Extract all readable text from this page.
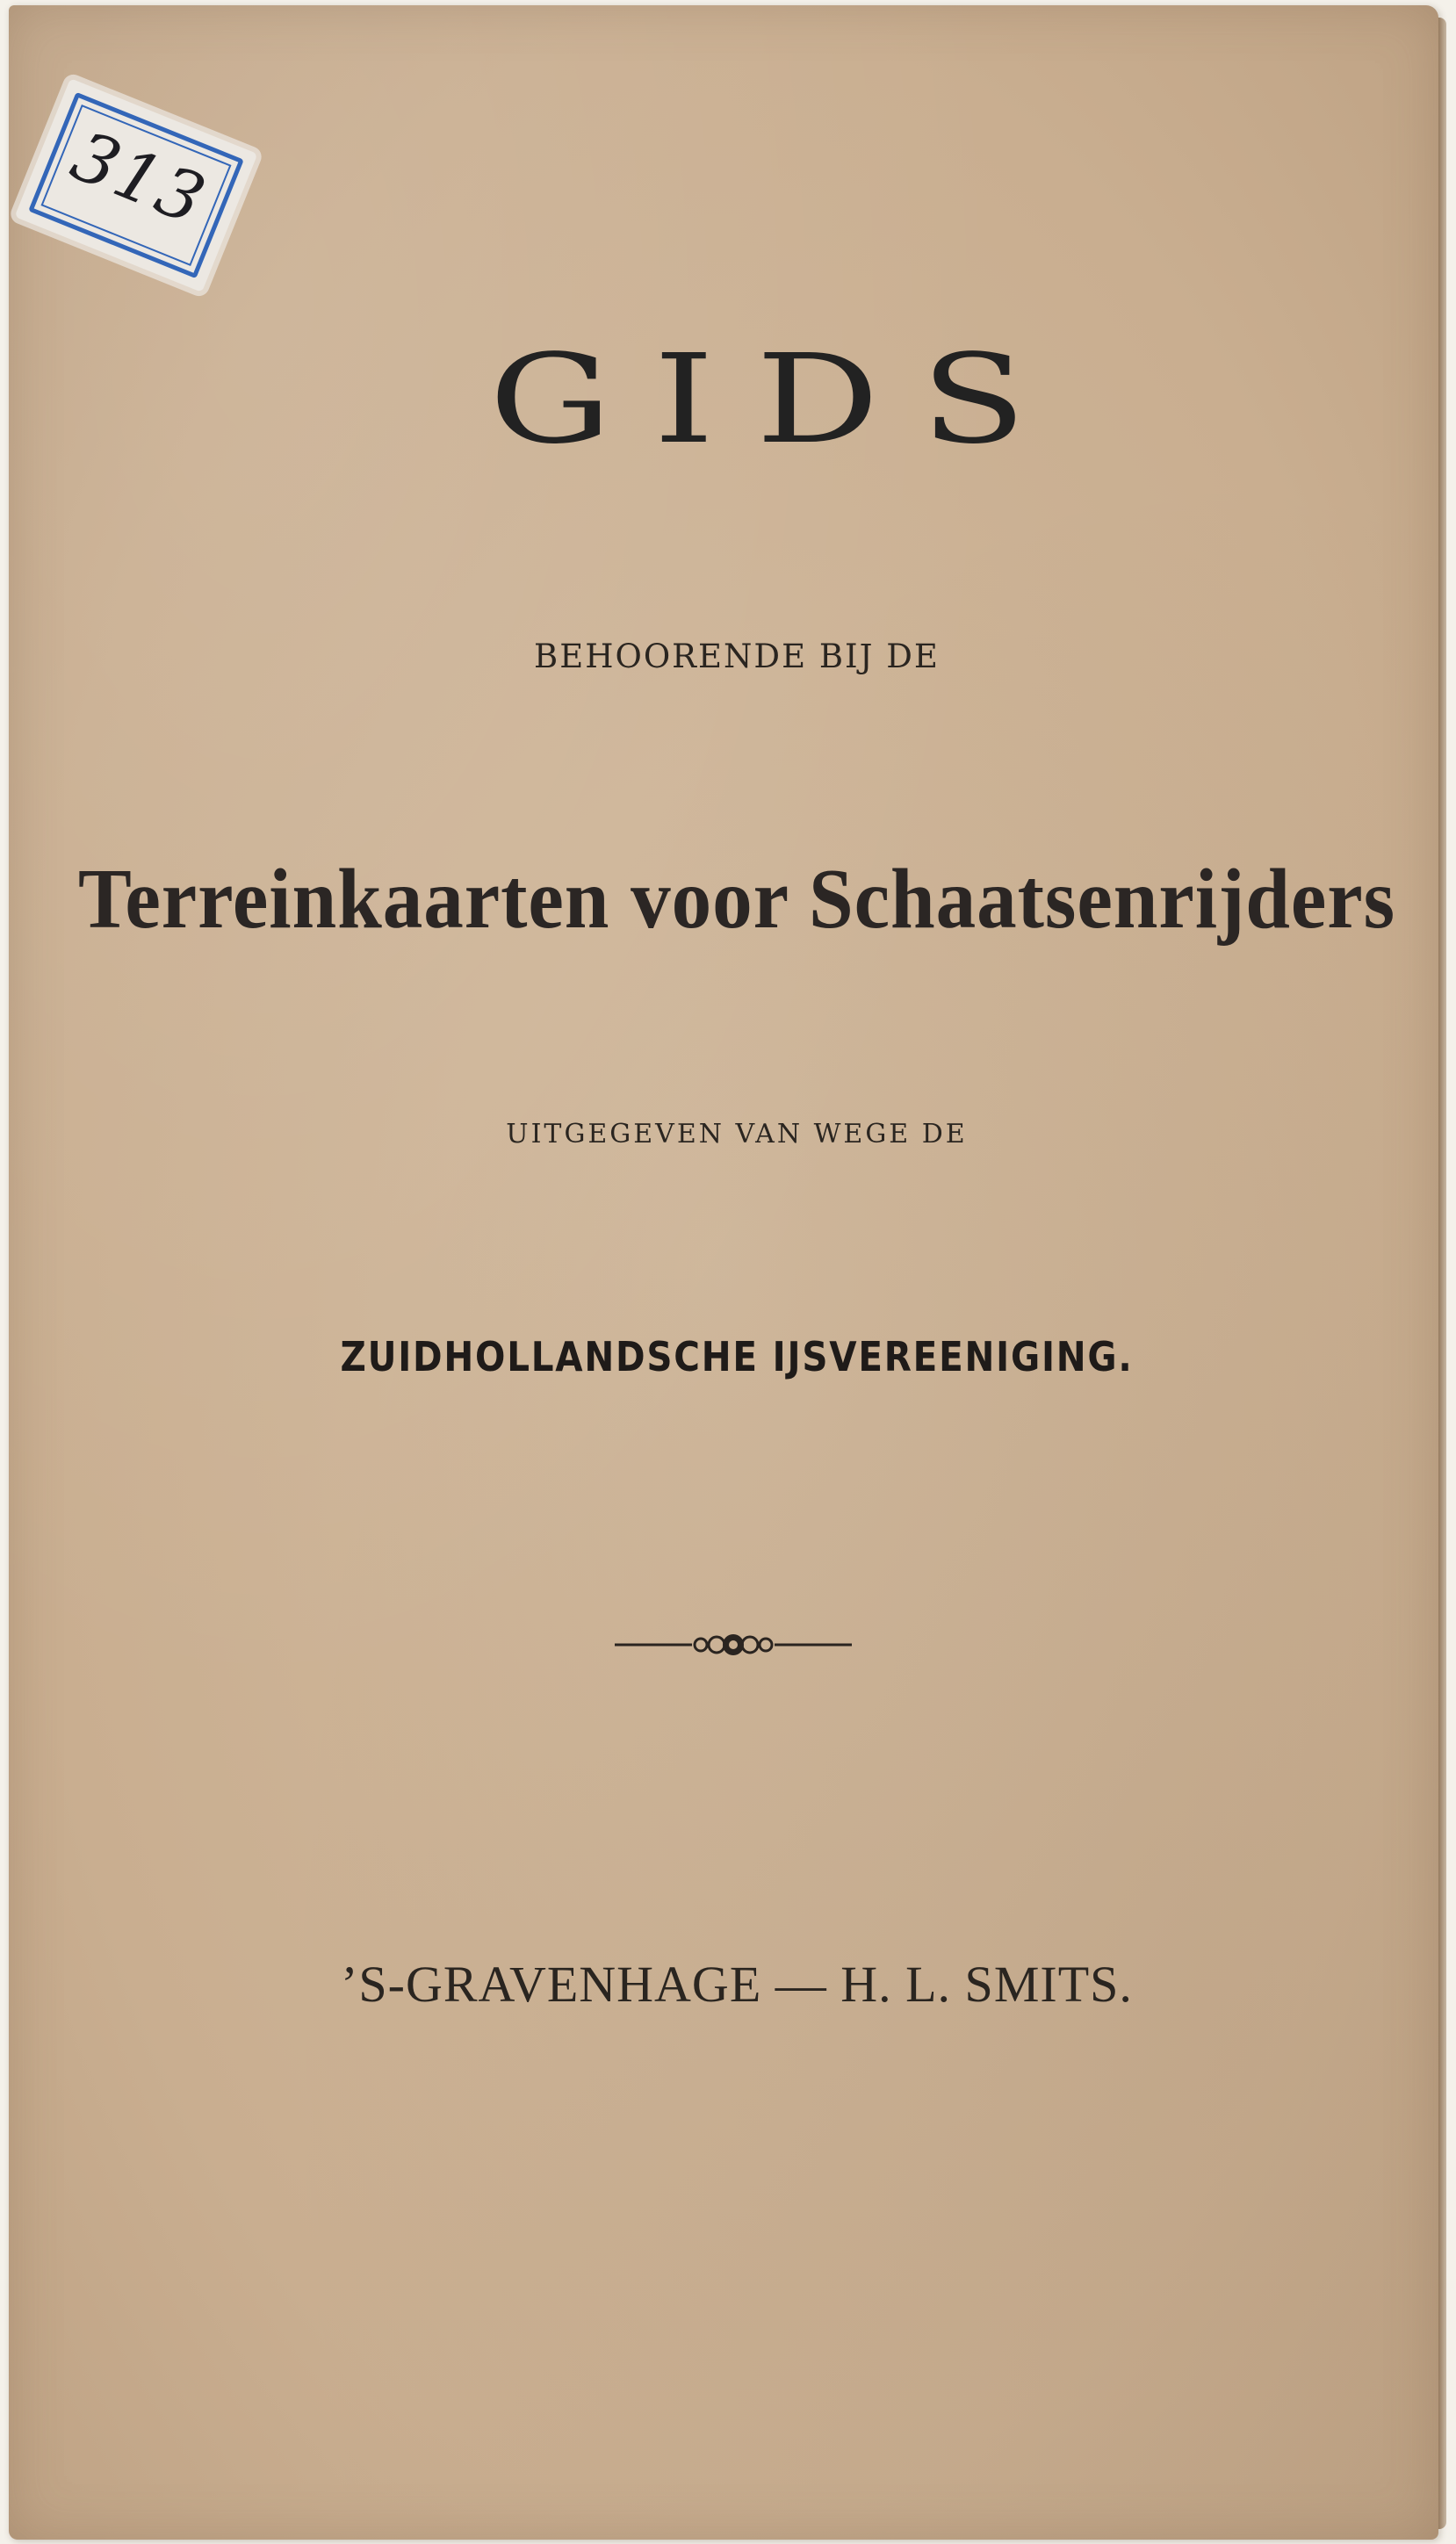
313
GIDS
BEHOORENDE BIJ DE
Terreinkaarten voor Schaatsenrijders
UITGEGEVEN VAN WEGE DE
ZUIDHOLLANDSCHE IJSVEREENIGING.
’S-GRAVENHAGE — H. L. SMITS.
